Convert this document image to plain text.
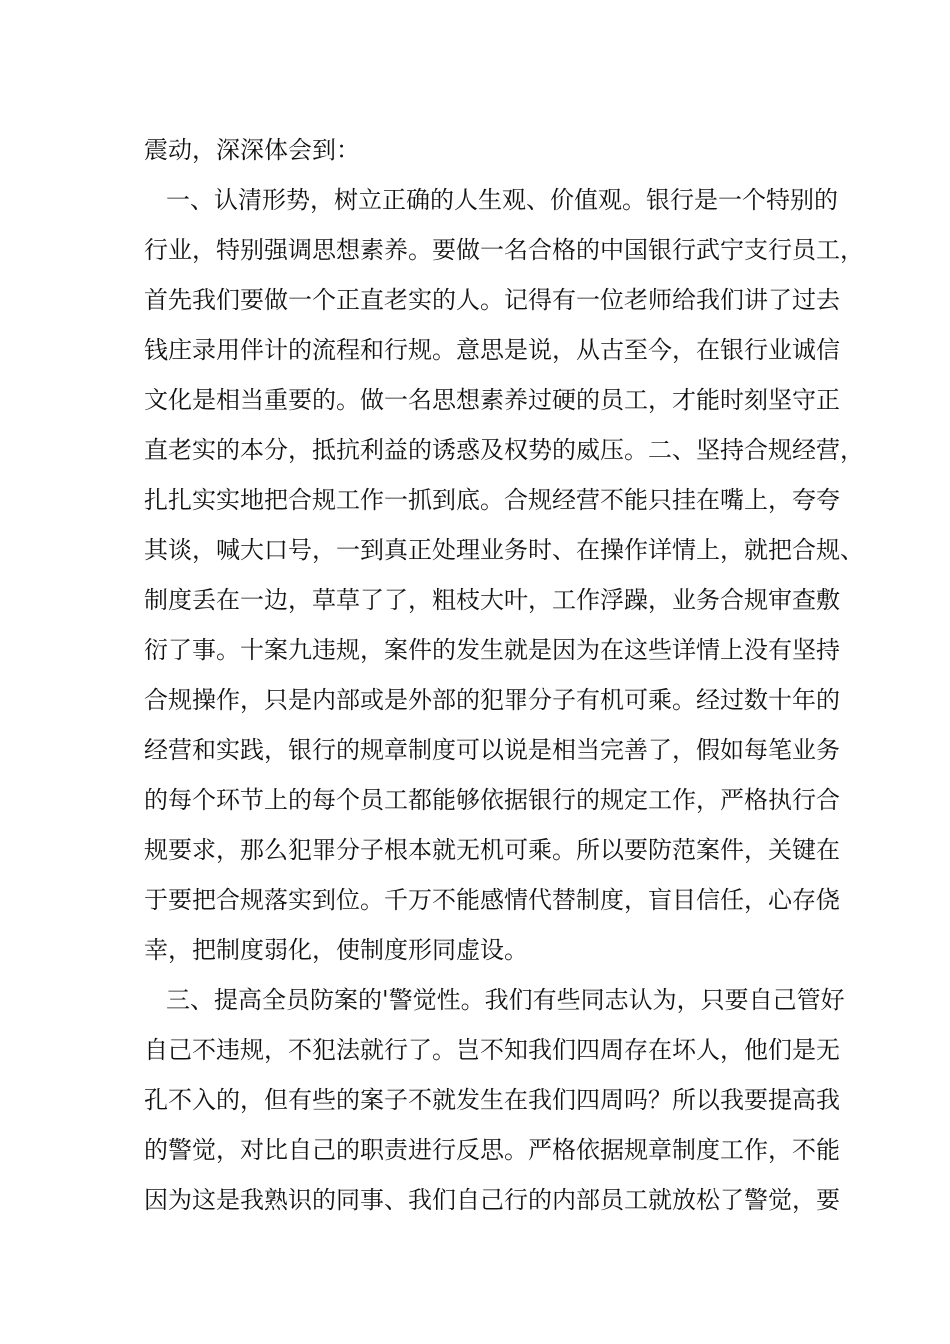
震动，深深体会到：

一、认清形势，树立正确的人生观、价值观。银行是一个特别的

行业，特别强调思想素养。要做一名合格的中国银行武宁支行员工，

首先我们要做一个正直老实的人。记得有一位老师给我们讲了过去

钱庄录用伴计的流程和行规。意思是说，从古至今，在银行业诚信

文化是相当重要的。做一名思想素养过硬的员工，才能时刻坚守正

直老实的本分，抵抗利益的诱惑及权势的威压。二、坚持合规经营，

扎扎实实地把合规工作一抓到底。合规经营不能只挂在嘴上，夸夸

其谈，喊大口号，一到真正处理业务时、在操作详情上，就把合规、

制度丢在一边，草草了了，粗枝大叶，工作浮躁，业务合规审查敷

衍了事。十案九违规，案件的发生就是因为在这些详情上没有坚持

合规操作，只是内部或是外部的犯罪分子有机可乘。经过数十年的

经营和实践，银行的规章制度可以说是相当完善了，假如每笔业务

的每个环节上的每个员工都能够依据银行的规定工作，严格执行合

规要求，那么犯罪分子根本就无机可乘。所以要防范案件，关键在

于要把合规落实到位。千万不能感情代替制度，盲目信任，心存侥

幸，把制度弱化，使制度形同虚设。

三、提高全员防案的'警觉性。我们有些同志认为，只要自己管好

自己不违规，不犯法就行了。岂不知我们四周存在坏人，他们是无

孔不入的，但有些的案子不就发生在我们四周吗？所以我要提高我

的警觉，对比自己的职责进行反思。严格依据规章制度工作，不能

因为这是我熟识的同事、我们自己行的内部员工就放松了警觉，要
